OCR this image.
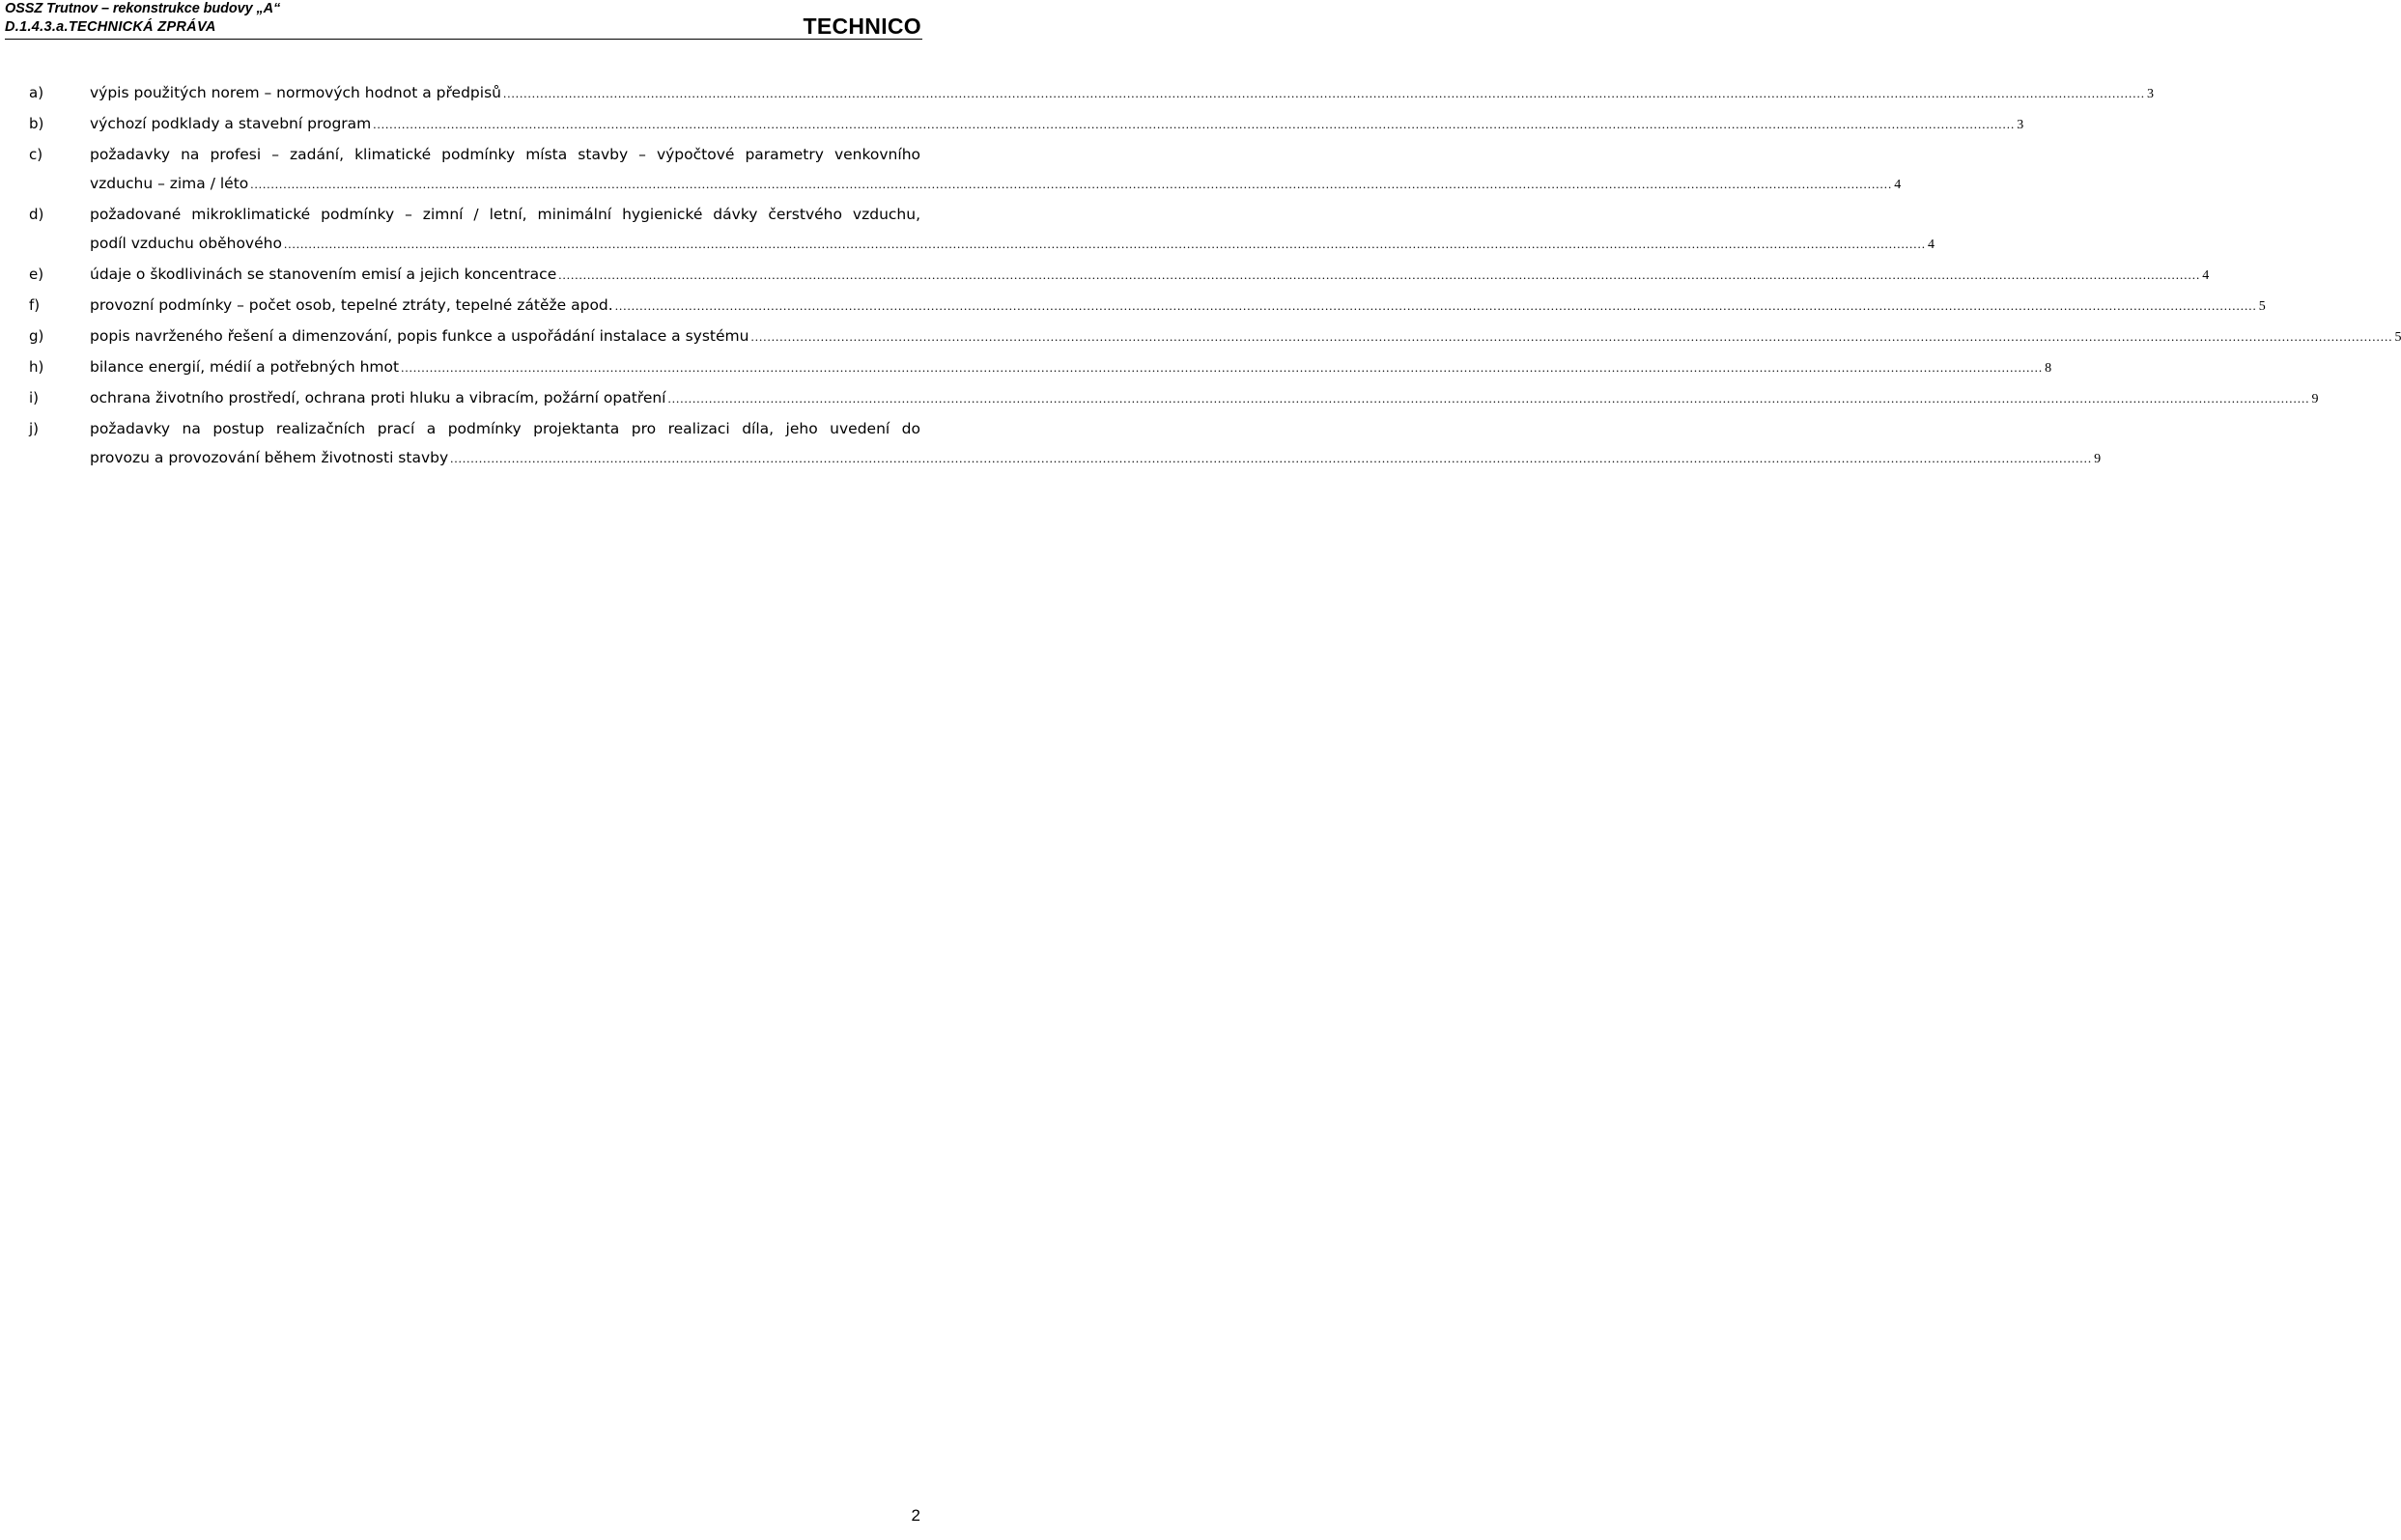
OSSZ Trutnov – rekonstrukce budovy „A“
D.1.4.3.a.TECHNICKÁ ZPRÁVA	TECHNICO
a)	výpis použitých norem – normových hodnot a předpisů ................................................................................................................................................................................................................................................................................................................................................................................................................ 3
b)	výchozí podklady a stavební program ................................................................................................................................................................................................................................................................................................................................................................................................................ 3
c)	požadavky na profesi – zadání, klimatické podmínky místa stavby – výpočtové parametry venkovního
vzduchu – zima / léto ................................................................................................................................................................................................................................................................................................................................................................................................................ 4
d)	požadované mikroklimatické podmínky – zimní / letní, minimální hygienické dávky čerstvého vzduchu,
podíl vzduchu oběhového ................................................................................................................................................................................................................................................................................................................................................................................................................ 4
e)	údaje o škodlivinách se stanovením emisí a jejich koncentrace ................................................................................................................................................................................................................................................................................................................................................................................................................ 4
f)	provozní podmínky – počet osob, tepelné ztráty, tepelné zátěže apod. ................................................................................................................................................................................................................................................................................................................................................................................................................ 5
g)	popis navrženého řešení a dimenzování, popis funkce a uspořádání instalace a systému ................................................................................................................................................................................................................................................................................................................................................................................................................ 5
h)	bilance energií, médií a potřebných hmot ................................................................................................................................................................................................................................................................................................................................................................................................................ 8
i)	ochrana životního prostředí, ochrana proti hluku a vibracím, požární opatření ................................................................................................................................................................................................................................................................................................................................................................................................................ 9
j)	požadavky na postup realizačních prací a podmínky projektanta pro realizaci díla, jeho uvedení do
provozu a provozování během životnosti stavby ................................................................................................................................................................................................................................................................................................................................................................................................................ 9
2
